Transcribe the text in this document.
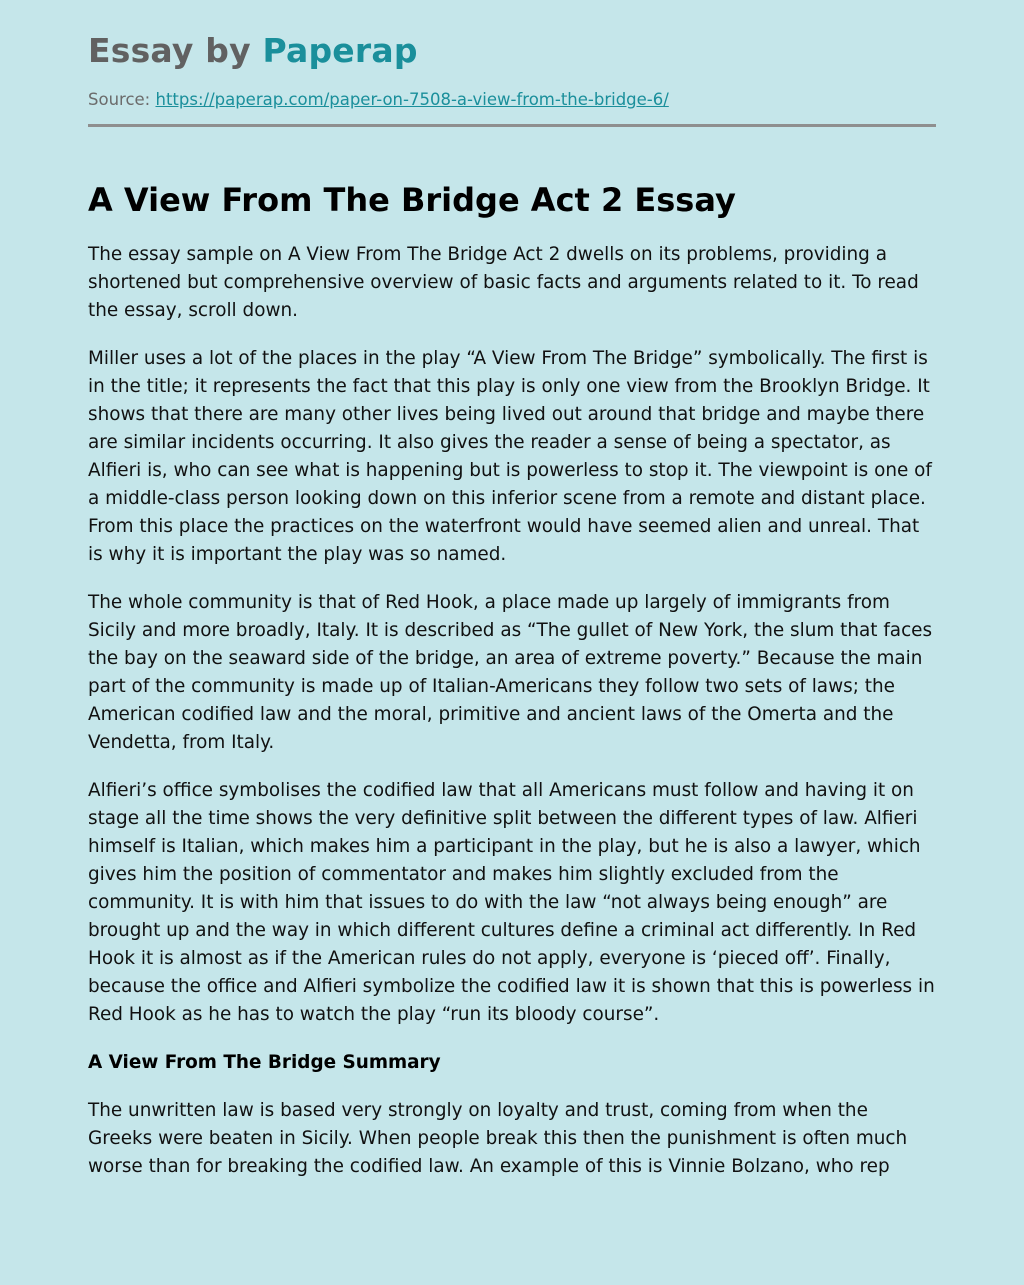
Essay by Paperap
Source: https://paperap.com/paper-on-7508-a-view-from-the-bridge-6/
A View From The Bridge Act 2 Essay

The essay sample on A View From The Bridge Act 2 dwells on its problems, providing a shortened but comprehensive overview of basic facts and arguments related to it. To read the essay, scroll down.

Miller uses a lot of the places in the play “A View From The Bridge” symbolically. The first is in the title; it represents the fact that this play is only one view from the Brooklyn Bridge. It shows that there are many other lives being lived out around that bridge and maybe there are similar incidents occurring. It also gives the reader a sense of being a spectator, as Alfieri is, who can see what is happening but is powerless to stop it. The viewpoint is one of a middle-class person looking down on this inferior scene from a remote and distant place. From this place the practices on the waterfront would have seemed alien and unreal. That is why it is important the play was so named.

The whole community is that of Red Hook, a place made up largely of immigrants from Sicily and more broadly, Italy. It is described as “The gullet of New York, the slum that faces the bay on the seaward side of the bridge, an area of extreme poverty.” Because the main part of the community is made up of Italian-Americans they follow two sets of laws; the American codified law and the moral, primitive and ancient laws of the Omerta and the Vendetta, from Italy.

Alfieri’s office symbolises the codified law that all Americans must follow and having it on stage all the time shows the very definitive split between the different types of law. Alfieri himself is Italian, which makes him a participant in the play, but he is also a lawyer, which gives him the position of commentator and makes him slightly excluded from the community. It is with him that issues to do with the law “not always being enough” are brought up and the way in which different cultures define a criminal act differently. In Red Hook it is almost as if the American rules do not apply, everyone is ‘pieced off’. Finally, because the office and Alfieri symbolize the codified law it is shown that this is powerless in Red Hook as he has to watch the play “run its bloody course”.

A View From The Bridge Summary

The unwritten law is based very strongly on loyalty and trust, coming from when the Greeks were beaten in Sicily. When people break this then the punishment is often much worse than for breaking the codified law. An example of this is Vinnie Bolzano, who rep
